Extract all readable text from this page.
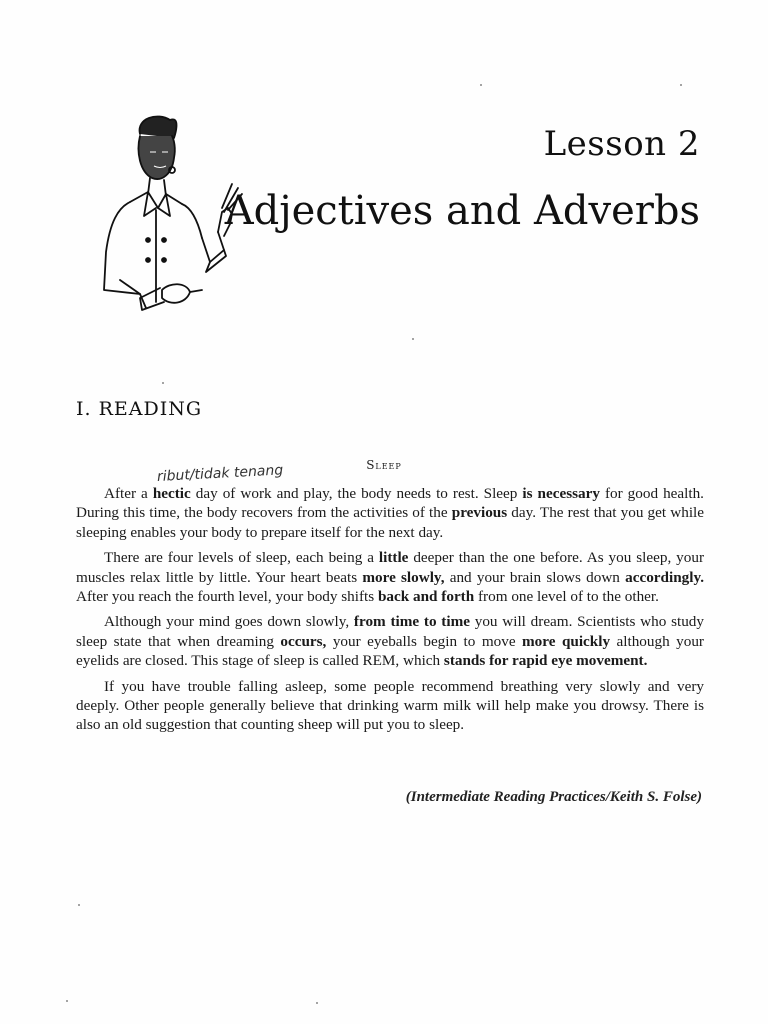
Lesson 2
Adjectives and Adverbs
I. READING
Sleep
ribut/tidak tenang

After a hectic day of work and play, the body needs to rest. Sleep is necessary for good health. During this time, the body recovers from the activities of the previous day. The rest that you get while sleeping enables your body to prepare itself for the next day.

There are four levels of sleep, each being a little deeper than the one before. As you sleep, your muscles relax little by little. Your heart beats more slowly, and your brain slows down accordingly. After you reach the fourth level, your body shifts back and forth from one level of to the other.

Although your mind goes down slowly, from time to time you will dream. Scientists who study sleep state that when dreaming occurs, your eyeballs begin to move more quickly although your eyelids are closed. This stage of sleep is called REM, which stands for rapid eye movement.

If you have trouble falling asleep, some people recommend breathing very slowly and very deeply. Other people generally believe that drinking warm milk will help make you drowsy. There is also an old suggestion that counting sheep will put you to sleep.

(Intermediate Reading Practices/Keith S. Folse)
